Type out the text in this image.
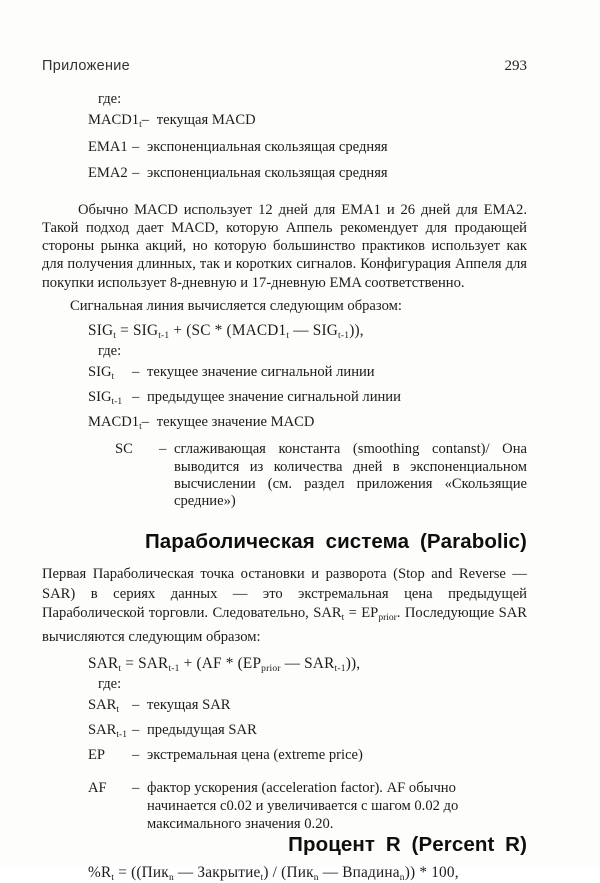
Приложение	293
где:
$MACD1_t$ – текущая MACD
EMA1 – экспоненциальная скользящая средняя
EMA2 – экспоненциальная скользящая средняя

Обычно MACD использует 12 дней для EMA1 и 26 дней для EMA2. Такой подход дает MACD, которую Аппель рекомендует для продающей стороны рынка акций, но которую большинство практиков использует как для получения длинных, так и коротких сигналов. Конфигурация Аппеля для покупки использует 8-дневную и 17-дневную EMA соответственно.

Сигнальная линия вычисляется следующим образом:

$SIG_t = SIG_{t-1} + (SC$ * ($MACD1_t$ — $SIG_{t-1}$)),
где:
$SIG_t$	– текущее значение сигнальной линии
$SIG_{t-1}$ – предыдущее значение сигнальной линии
$MACD1_t$ – текущее значение MACD
SC	– сглаживающая константа (smoothing contanst)/ Она выводится из количества дней в экспоненциальном высчислении (см. раздел приложения «Скользящие средние»)
Параболическая система (Parabolic)

Первая Параболическая точка остановки и разворота (Stop and Reverse — SAR) в сериях данных — это экстремальная цена предыдущей Параболической торговли. Следовательно, $SAR_t = EP_{prior}$. Последующие SAR вычисляются следующим образом:

$SAR_t = SAR_{t-1} + (AF * (EP_{prior}$ — $SAR_{t-1}$)),
где:
$SAR_t$ – текущая SAR
$SAR_{t-1}$ – предыдущая SAR
EP	– экстремальная цена (extreme price)
AF	– фактор ускорения (acceleration factor). AF обычно начинается с0.02 и увеличивается с шагом 0.02 до максимального значения 0.20.
Процент R (Percent R)
$\%R_t = ((Пик_n$ — Закрытие$_t$) / (Пик$_n$ — Впадина$_n$)) * 100,
